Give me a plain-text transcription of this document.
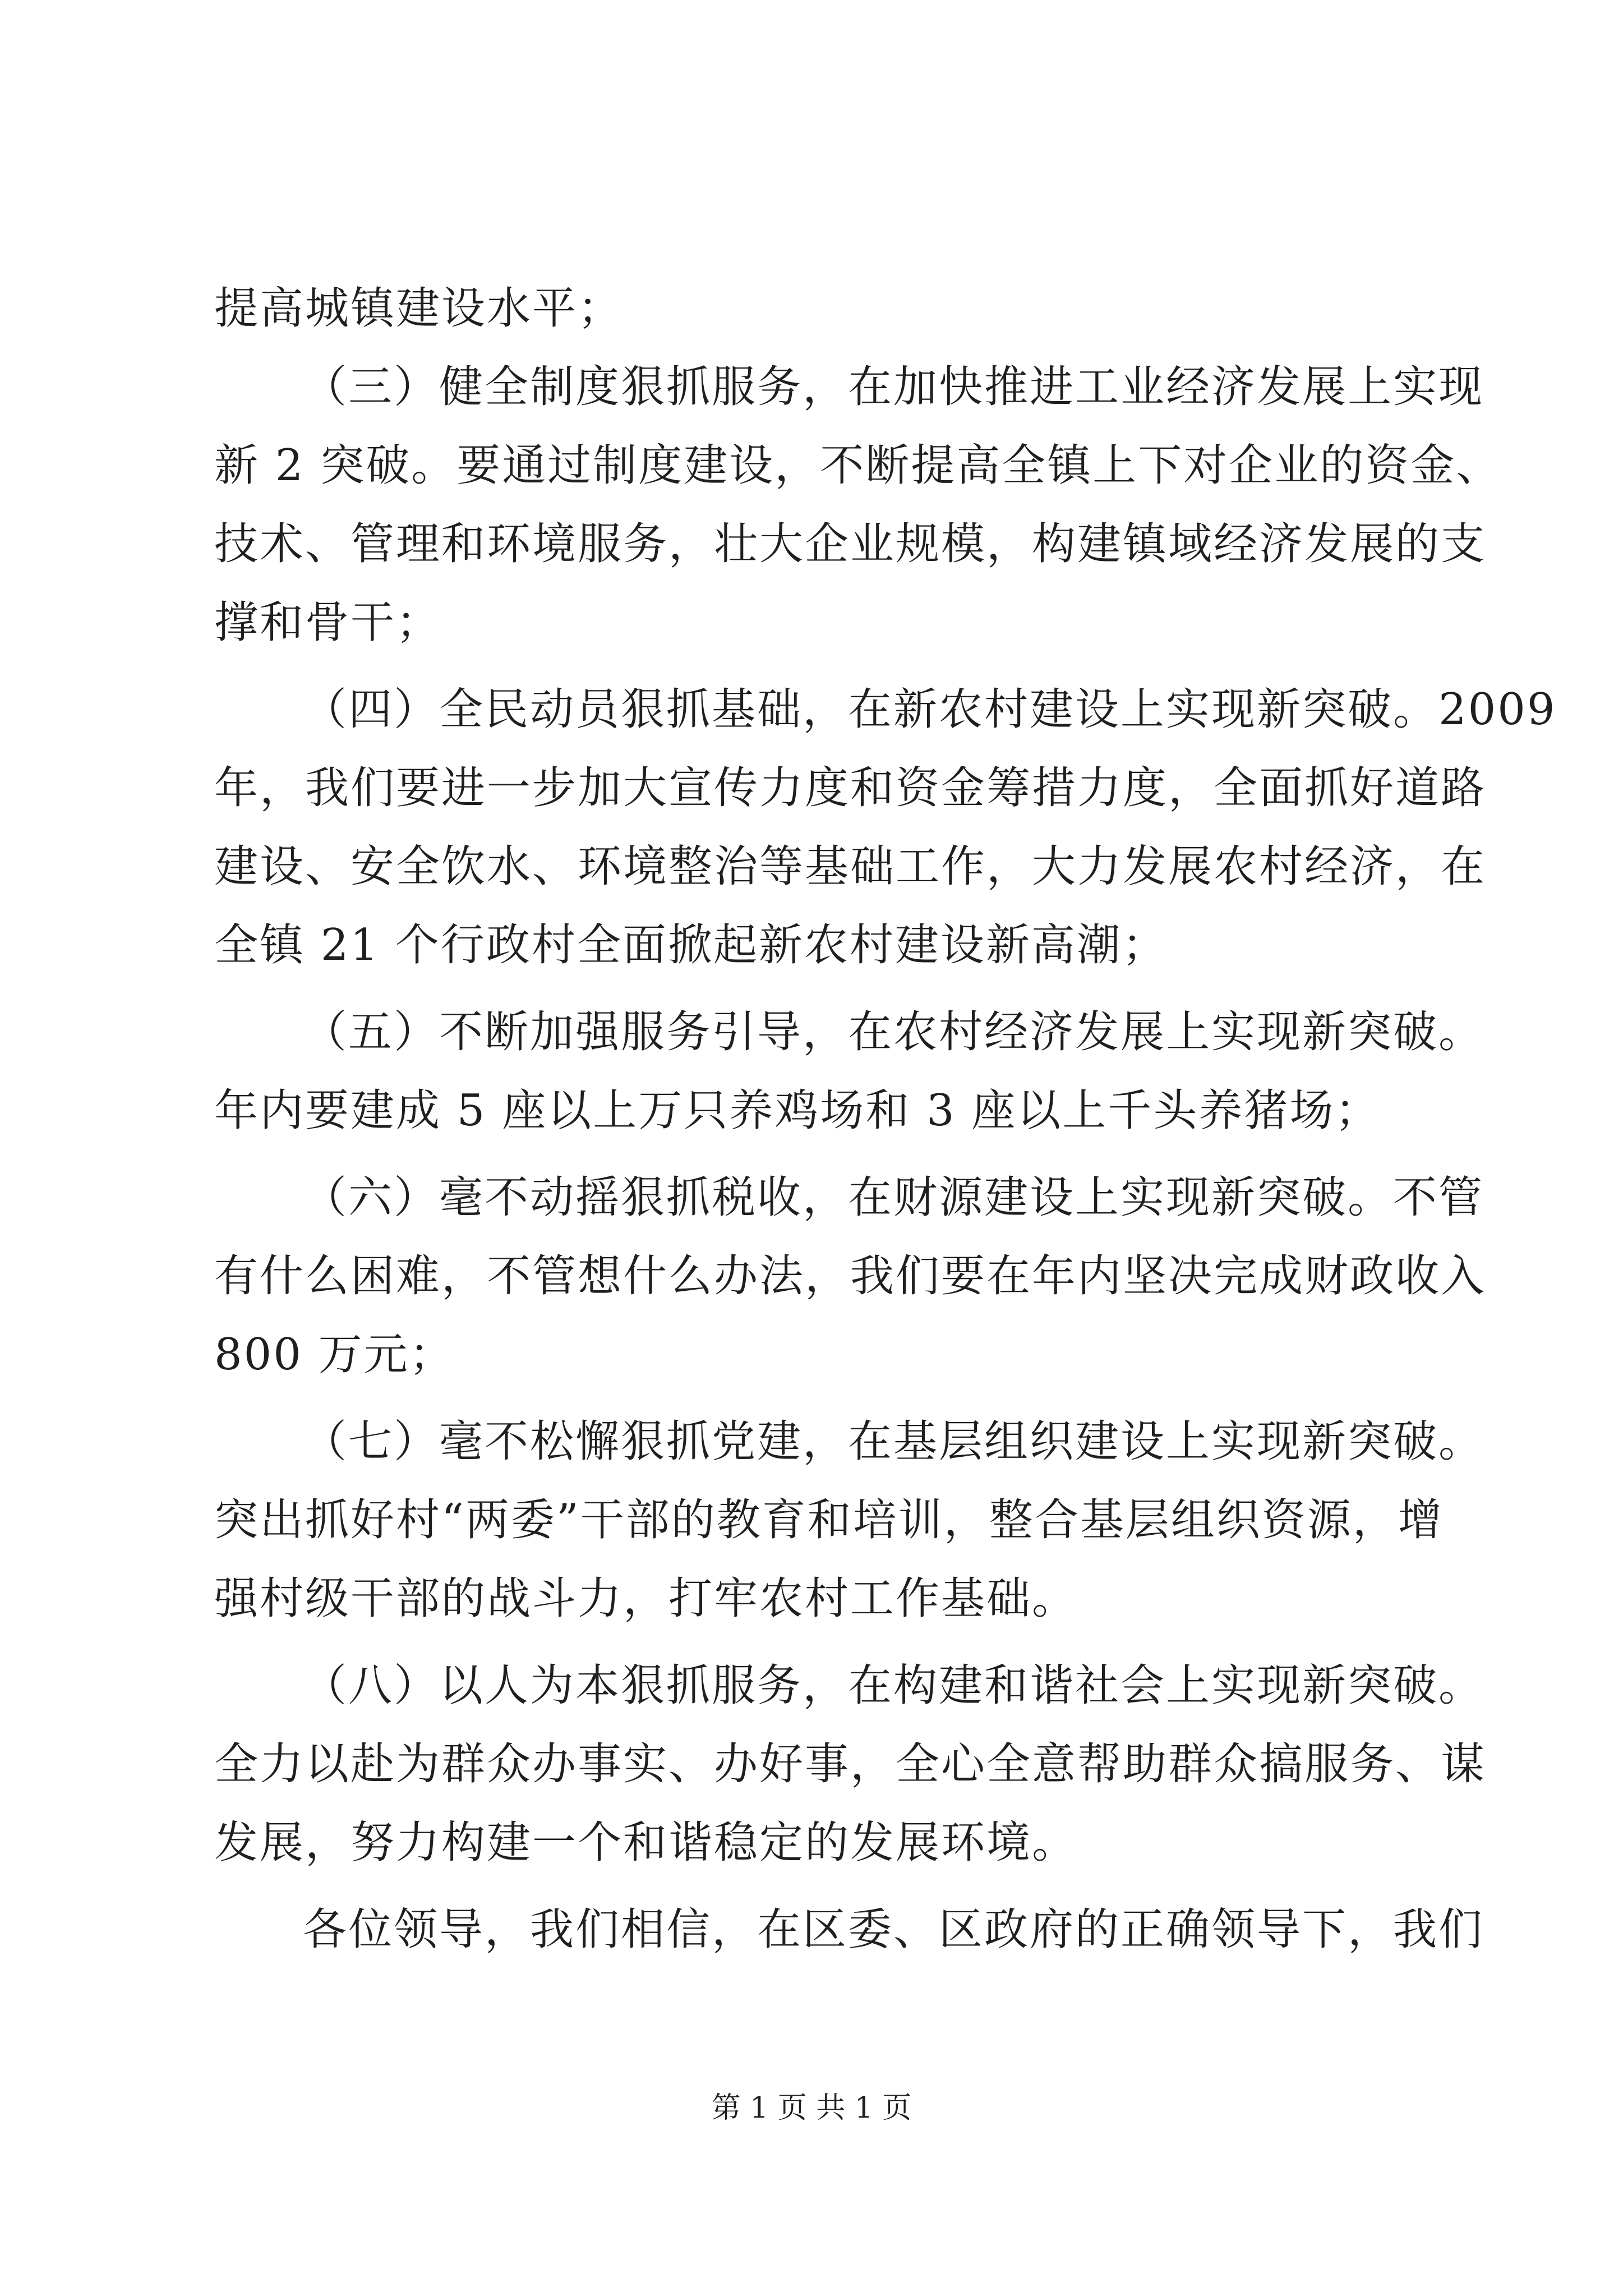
提高城镇建设水平；
（三）健全制度狠抓服务，在加快推进工业经济发展上实现
新 2 突破。要通过制度建设，不断提高全镇上下对企业的资金、
技术、管理和环境服务，壮大企业规模，构建镇域经济发展的支
撑和骨干；
（四）全民动员狠抓基础，在新农村建设上实现新突破。2009
年，我们要进一步加大宣传力度和资金筹措力度，全面抓好道路
建设、安全饮水、环境整治等基础工作，大力发展农村经济，在
全镇 21 个行政村全面掀起新农村建设新高潮；
（五）不断加强服务引导，在农村经济发展上实现新突破。
年内要建成 5 座以上万只养鸡场和 3 座以上千头养猪场；
（六）毫不动摇狠抓税收，在财源建设上实现新突破。不管
有什么困难，不管想什么办法，我们要在年内坚决完成财政收入
800 万元；
（七）毫不松懈狠抓党建，在基层组织建设上实现新突破。
突出抓好村“两委”干部的教育和培训，整合基层组织资源，增
强村级干部的战斗力，打牢农村工作基础。
（八）以人为本狠抓服务，在构建和谐社会上实现新突破。
全力以赴为群众办事实、办好事，全心全意帮助群众搞服务、谋
发展，努力构建一个和谐稳定的发展环境。
各位领导，我们相信，在区委、区政府的正确领导下，我们
第 1 页 共 1 页
